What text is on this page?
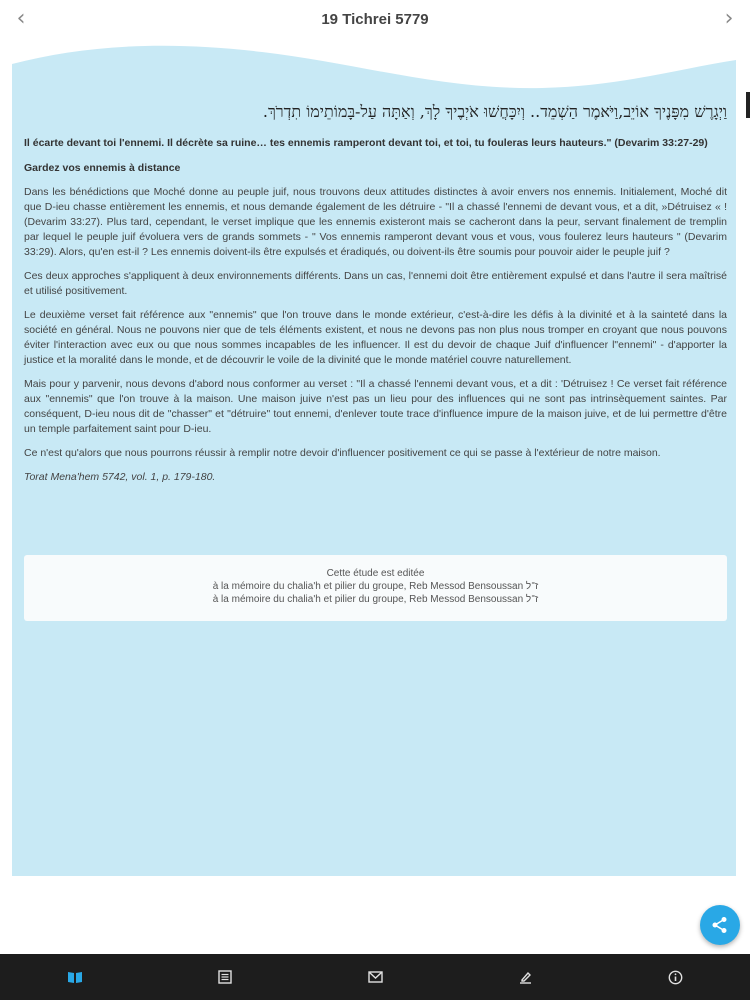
‹	19 Tichrei 5779	›
וַיְגָרֶשׁ מִפָּנֶיךָ אוֹיֵב,וַיֹּאמֶר הַשְׁמֵד.. וְיִכָּחֲשׁוּ אֹיְבֶיךָ לָךְ, וְאַתָּה עַל-בָּמוֹתֵימוֹ תִדְרֹךְ.
Il écarte devant toi l'ennemi. Il décrète sa ruine… tes ennemis ramperont devant toi, et toi, tu fouleras leurs hauteurs." (Devarim 33:27-29)
Gardez vos ennemis à distance
Dans les bénédictions que Moché donne au peuple juif, nous trouvons deux attitudes distinctes à avoir envers nos ennemis. Initialement, Moché dit que D-ieu chasse entièrement les ennemis, et nous demande également de les détruire - "Il a chassé l'ennemi de devant vous, et a dit, »Détruisez « ! (Devarim 33:27). Plus tard, cependant, le verset implique que les ennemis existeront mais se cacheront dans la peur, servant finalement de tremplin par lequel le peuple juif évoluera vers de grands sommets - " Vos ennemis ramperont devant vous et vous, vous foulerez leurs hauteurs " (Devarim 33:29). Alors, qu'en est-il ? Les ennemis doivent-ils être expulsés et éradiqués, ou doivent-ils être soumis pour pouvoir aider le peuple juif ?
Ces deux approches s'appliquent à deux environnements différents. Dans un cas, l'ennemi doit être entièrement expulsé et dans l'autre il sera maîtrisé et utilisé positivement.
Le deuxième verset fait référence aux "ennemis" que l'on trouve dans le monde extérieur, c'est-à-dire les défis à la divinité et à la sainteté dans la société en général. Nous ne pouvons nier que de tels éléments existent, et nous ne devons pas non plus nous tromper en croyant que nous pouvons éviter l'interaction avec eux ou que nous sommes incapables de les influencer. Il est du devoir de chaque Juif d'influencer l"ennemi" - d'apporter la justice et la moralité dans le monde, et de découvrir le voile de la divinité que le monde matériel couvre naturellement.
Mais pour y parvenir, nous devons d'abord nous conformer au verset : "Il a chassé l'ennemi devant vous, et a dit : 'Détruisez ! Ce verset fait référence aux "ennemis" que l'on trouve à la maison. Une maison juive n'est pas un lieu pour des influences qui ne sont pas intrinsèquement saintes. Par conséquent, D-ieu nous dit de "chasser" et "détruire" tout ennemi, d'enlever toute trace d'influence impure de la maison juive, et de lui permettre d'être un temple parfaitement saint pour D-ieu.
Ce n'est qu'alors que nous pourrons réussir à remplir notre devoir d'influencer positivement ce qui se passe à l'extérieur de notre maison.
Torat Mena'hem 5742, vol. 1, p. 179-180.
Cette étude est editée
à la mémoire du chalia'h et pilier du groupe, Reb Messod Bensoussan ז־ל
à la mémoire du chalia'h et pilier du groupe, Reb Messod Bensoussan ז־ל
